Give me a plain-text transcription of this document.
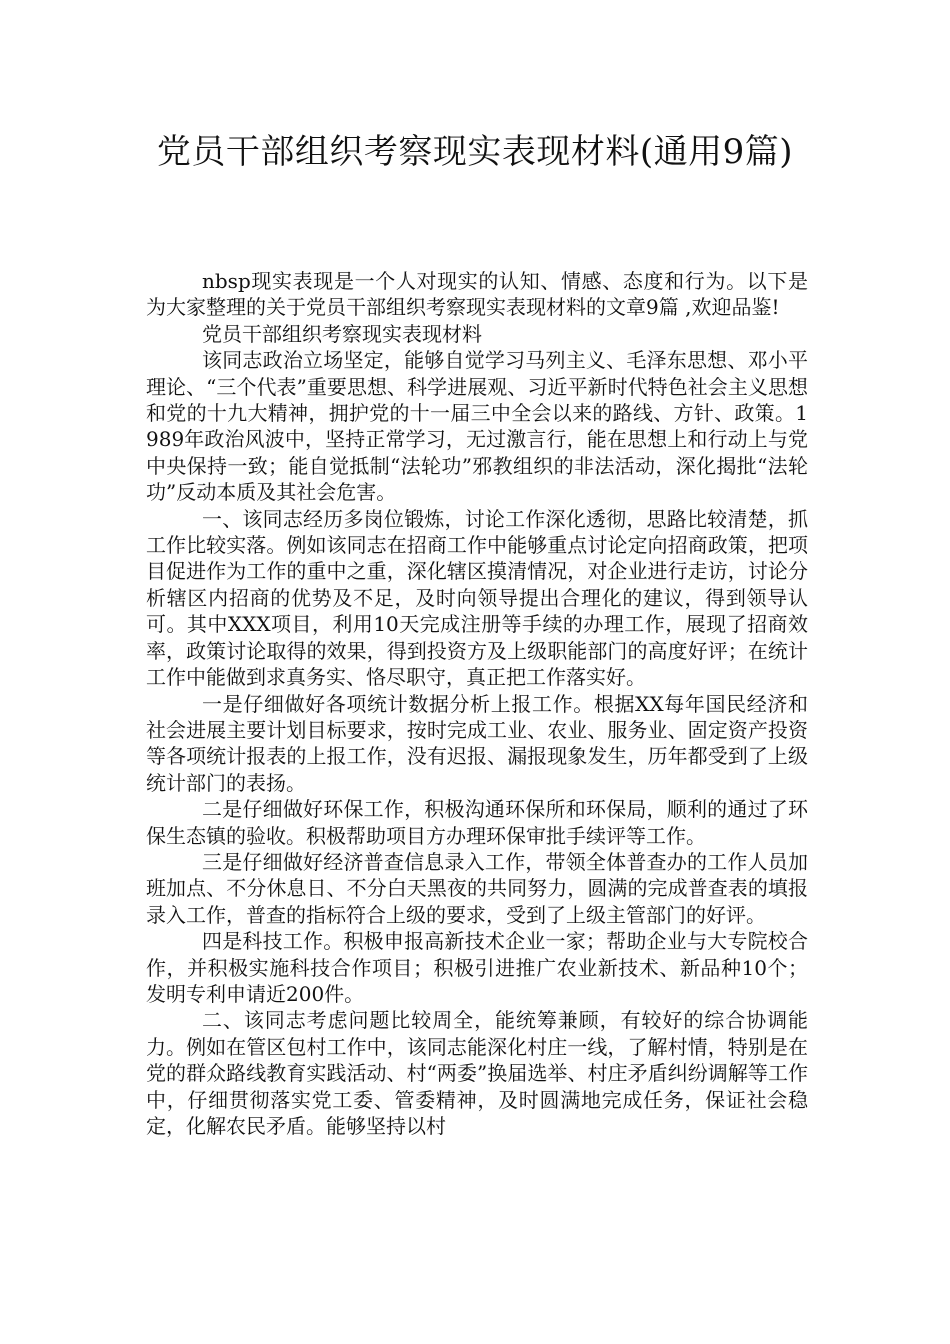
党员干部组织考察现实表现材料(通用9篇)

nbsp现实表现是一个人对现实的认知、情感、态度和行为。以下是为大家整理的关于党员干部组织考察现实表现材料的文章9篇 ,欢迎品鉴!

党员干部组织考察现实表现材料

该同志政治立场坚定，能够自觉学习马列主义、毛泽东思想、邓小平理论、“三个代表”重要思想、科学进展观、习近平新时代特色社会主义思想和党的十九大精神，拥护党的十一届三中全会以来的路线、方针、政策。1989年政治风波中，坚持正常学习，无过激言行，能在思想上和行动上与党中央保持一致；能自觉抵制“法轮功”邪教组织的非法活动，深化揭批“法轮功”反动本质及其社会危害。

一、该同志经历多岗位锻炼，讨论工作深化透彻，思路比较清楚，抓工作比较实落。例如该同志在招商工作中能够重点讨论定向招商政策，把项目促进作为工作的重中之重，深化辖区摸清情况，对企业进行走访，讨论分析辖区内招商的优势及不足，及时向领导提出合理化的建议，得到领导认可。其中XXX项目，利用10天完成注册等手续的办理工作，展现了招商效率，政策讨论取得的效果，得到投资方及上级职能部门的高度好评；在统计工作中能做到求真务实、恪尽职守，真正把工作落实好。

一是仔细做好各项统计数据分析上报工作。根据XX每年国民经济和社会进展主要计划目标要求，按时完成工业、农业、服务业、固定资产投资等各项统计报表的上报工作，没有迟报、漏报现象发生，历年都受到了上级统计部门的表扬。

二是仔细做好环保工作，积极沟通环保所和环保局，顺利的通过了环保生态镇的验收。积极帮助项目方办理环保审批手续评等工作。

三是仔细做好经济普查信息录入工作，带领全体普查办的工作人员加班加点、不分休息日、不分白天黑夜的共同努力，圆满的完成普查表的填报录入工作，普查的指标符合上级的要求，受到了上级主管部门的好评。

四是科技工作。积极申报高新技术企业一家；帮助企业与大专院校合作，并积极实施科技合作项目；积极引进推广农业新技术、新品种10个；发明专利申请近200件。

二、该同志考虑问题比较周全，能统筹兼顾，有较好的综合协调能力。例如在管区包村工作中，该同志能深化村庄一线，了解村情，特别是在党的群众路线教育实践活动、村“两委”换届选举、村庄矛盾纠纷调解等工作中，仔细贯彻落实党工委、管委精神，及时圆满地完成任务，保证社会稳定，化解农民矛盾。能够坚持以村
